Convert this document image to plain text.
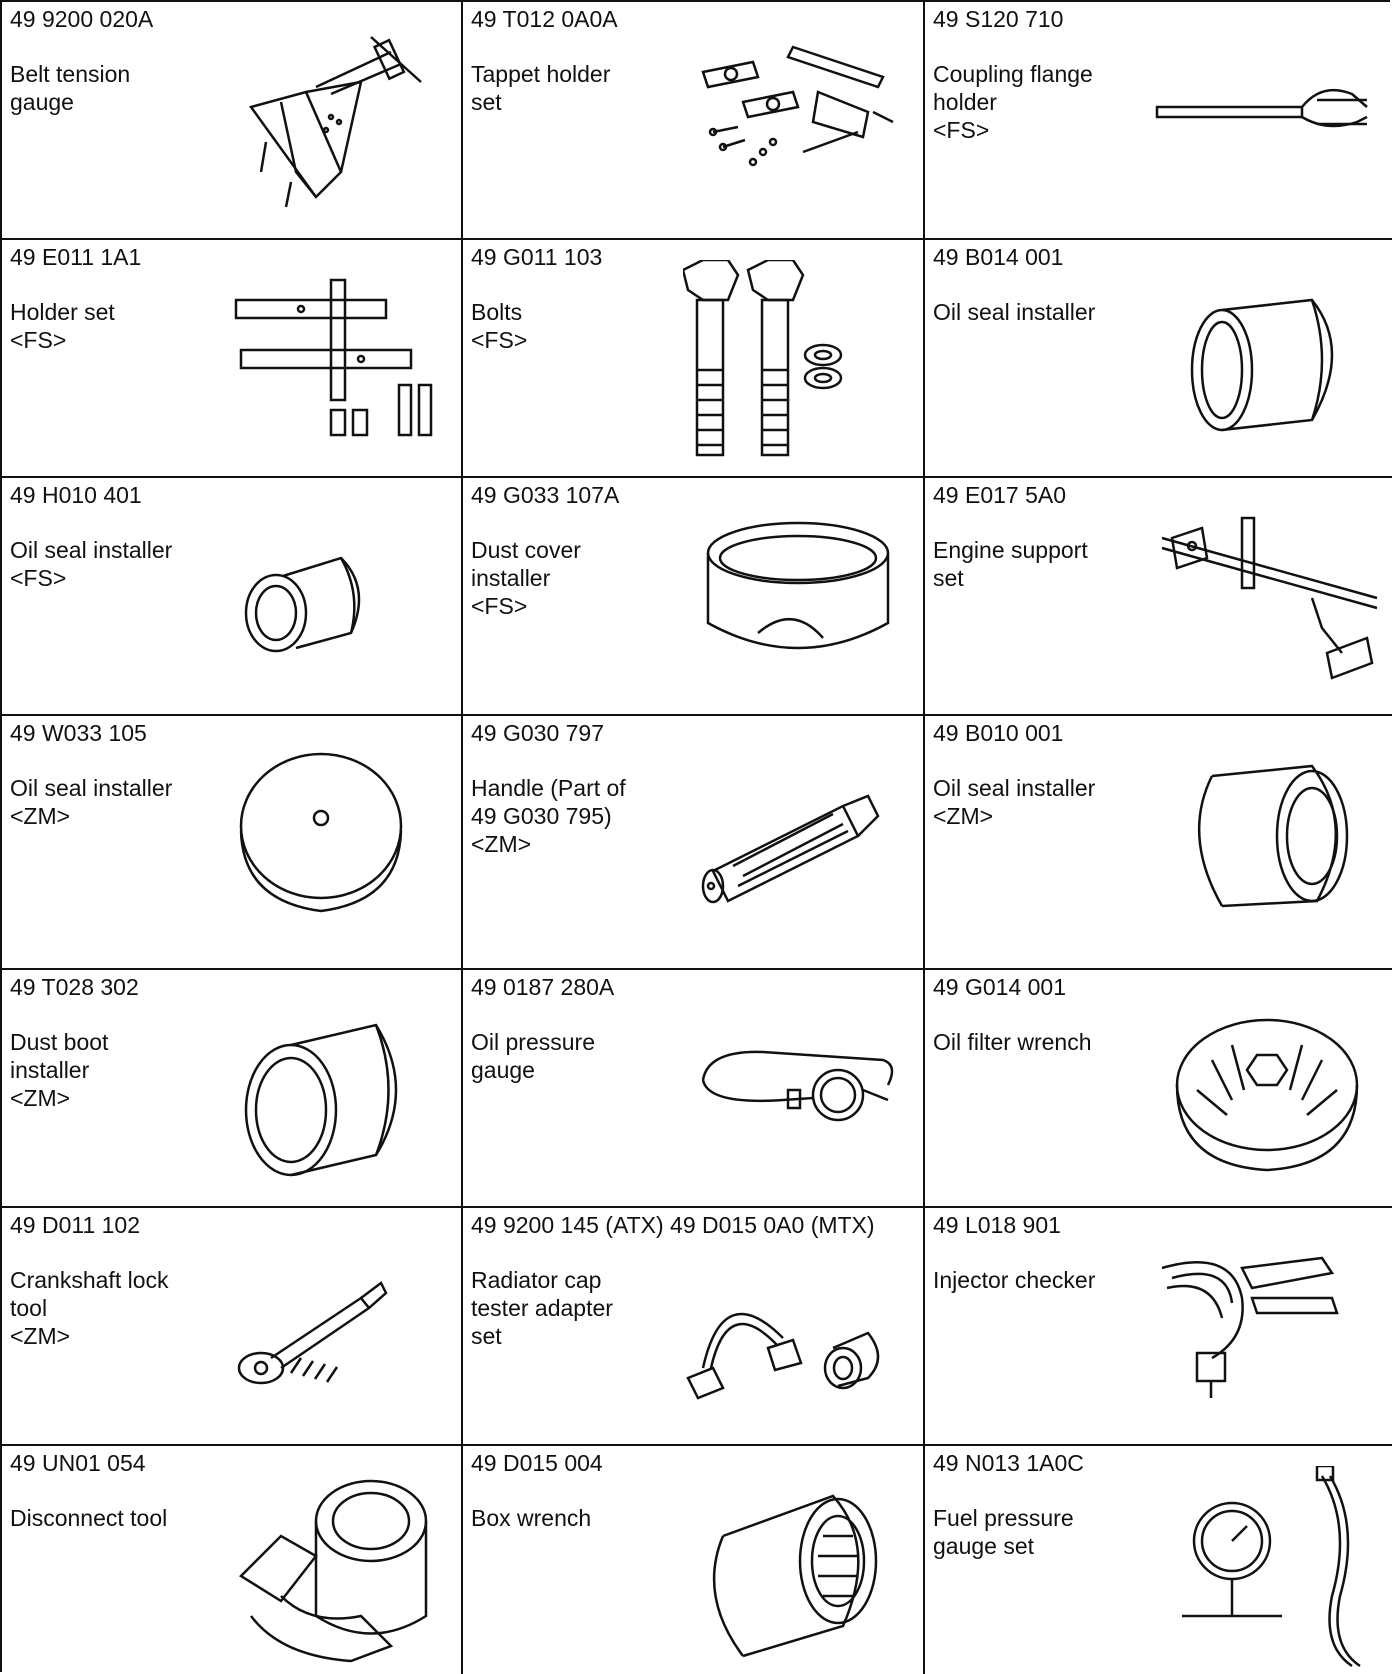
49 9200 020A
Belt tension
gauge
49 T012 0A0A
Tappet holder
set
49 S120 710
Coupling flange
holder
<FS>
49 E011 1A1
Holder set
<FS>
49 G011 103
Bolts
<FS>
49 B014 001
Oil seal installer
49 H010 401
Oil seal installer
<FS>
49 G033 107A
Dust cover
installer
<FS>
49 E017 5A0
Engine support
set
49 W033 105
Oil seal installer
<ZM>
49 G030 797
Handle (Part of
49 G030 795)
<ZM>
49 B010 001
Oil seal installer
<ZM>
49 T028 302
Dust boot
installer
<ZM>
49 0187 280A
Oil pressure
gauge
49 G014 001
Oil filter wrench
49 D011 102
Crankshaft lock
tool
<ZM>
49 9200 145 (ATX) 49 D015 0A0 (MTX)
Radiator cap
tester adapter
set
49 L018 901
Injector checker
49 UN01 054
Disconnect tool
49 D015 004
Box wrench
49 N013 1A0C
Fuel pressure
gauge set
